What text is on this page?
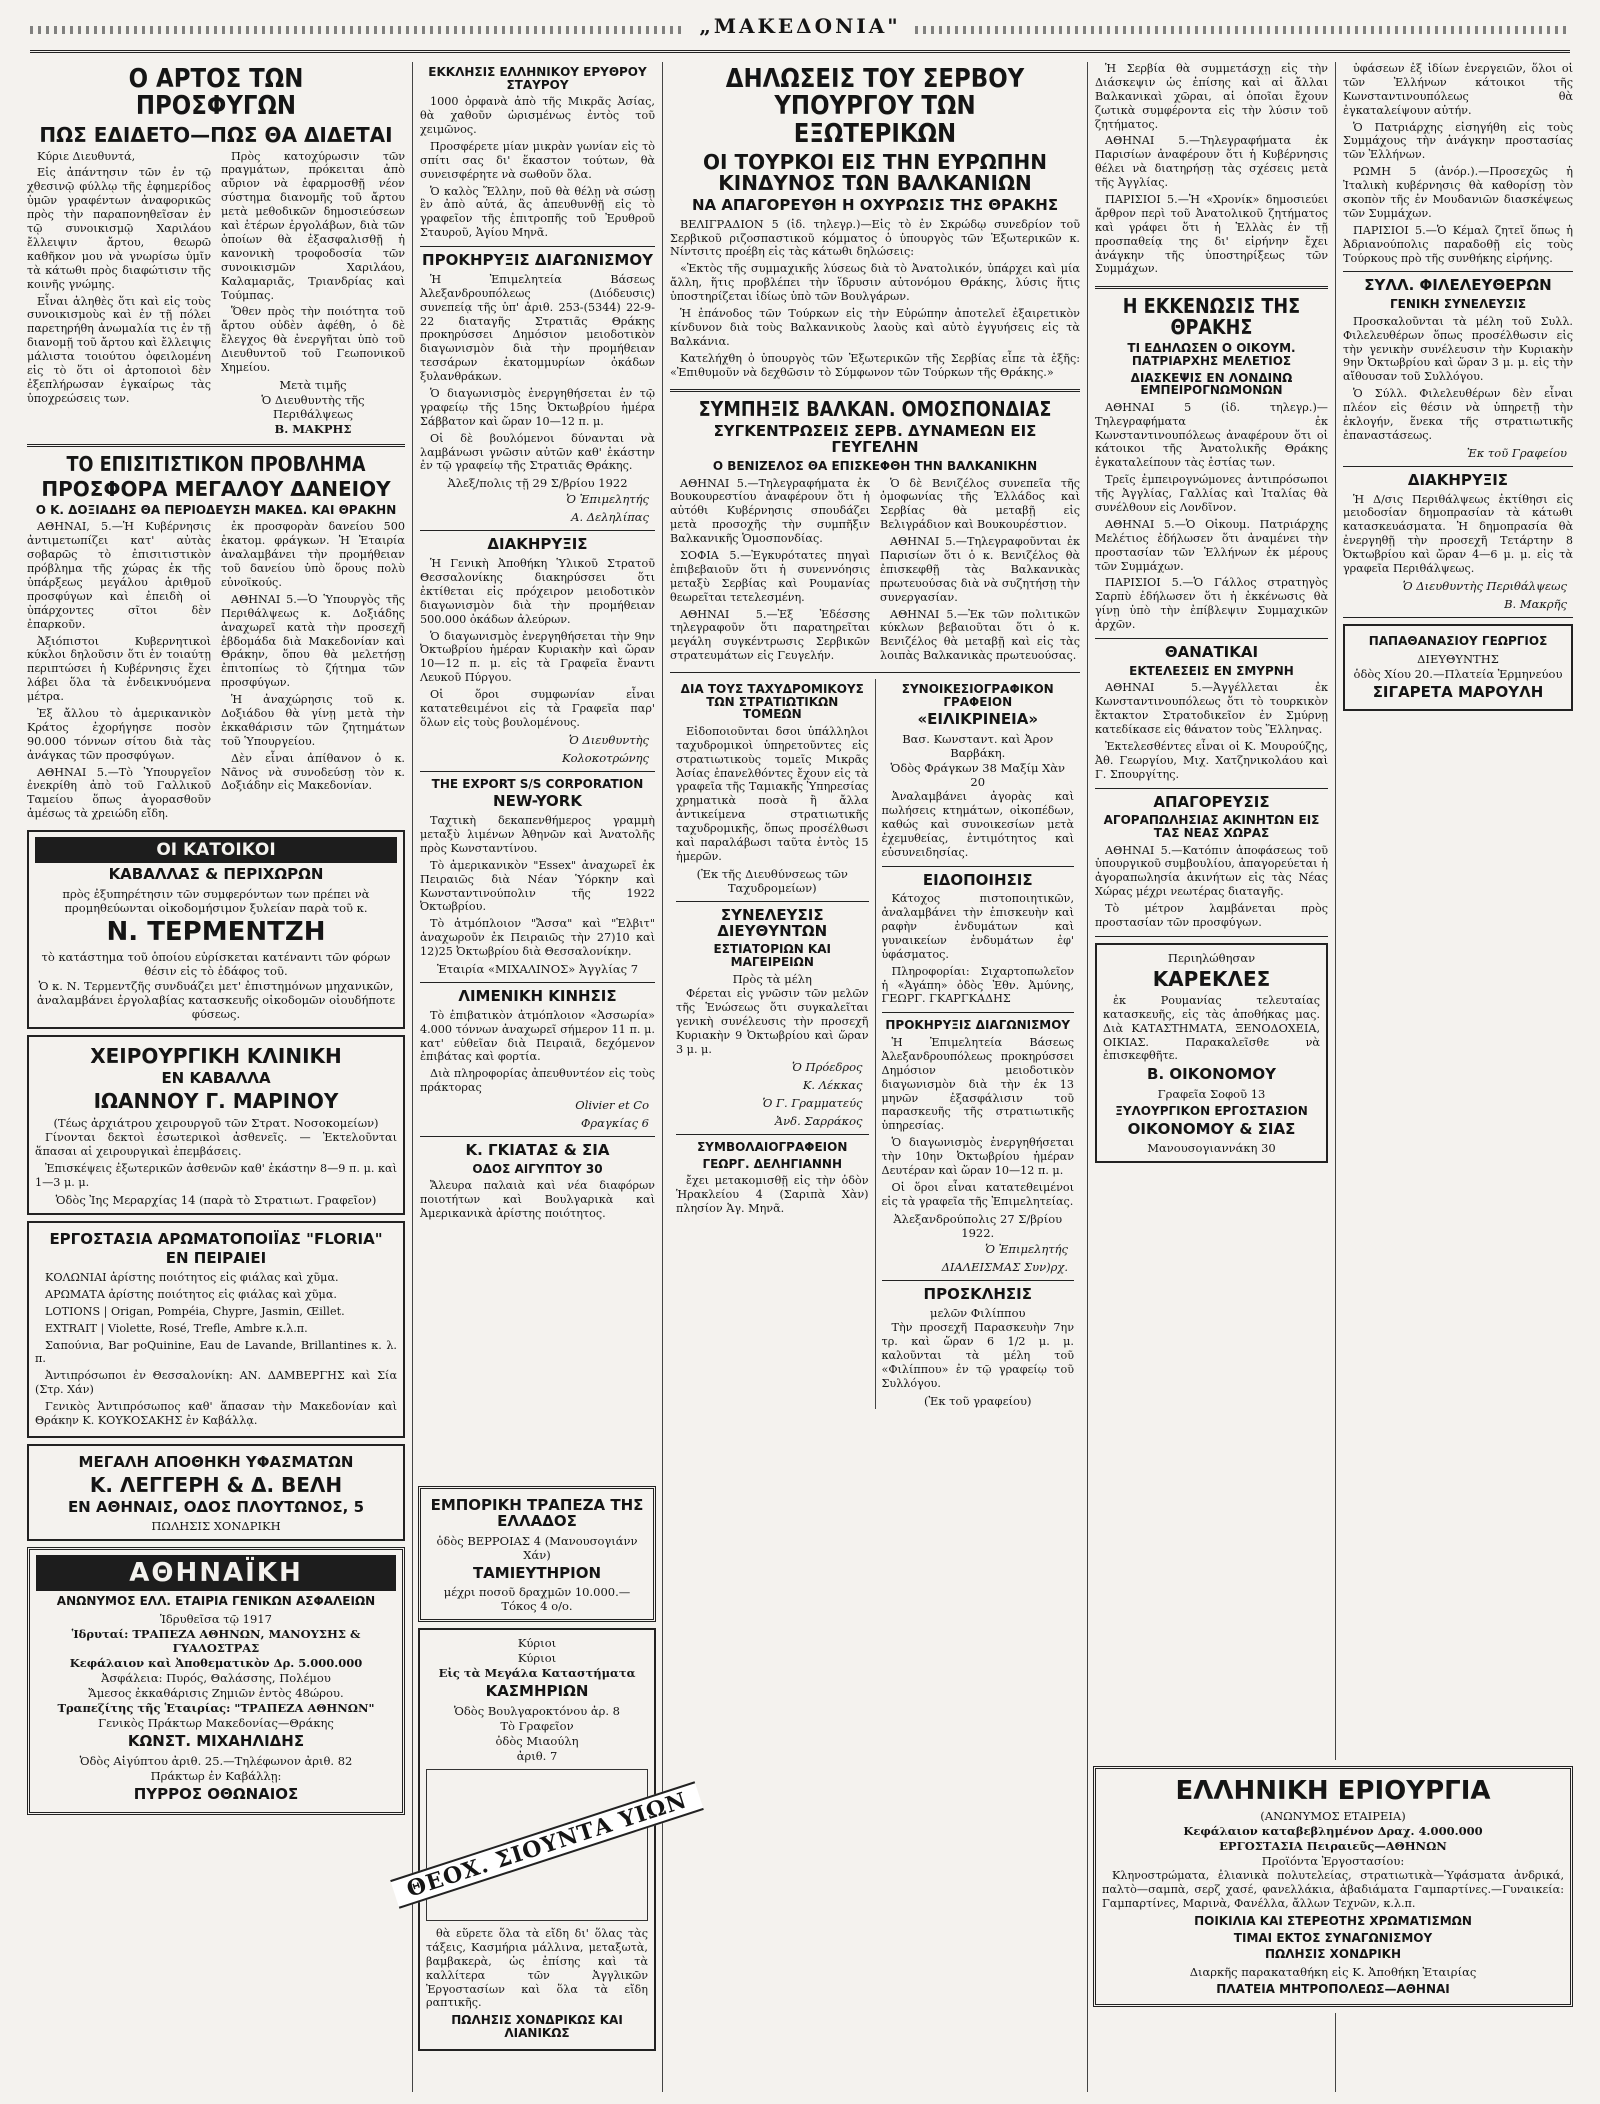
„ΜΑΚΕΔΟΝΙΑ"
Ο ΑΡΤΟΣ ΤΩΝ ΠΡΟΣΦΥΓΩΝ
ΠΩΣ ΕΔΙΔΕΤΟ—ΠΩΣ ΘΑ ΔΙΔΕΤΑΙ

Κύριε Διευθυντά,

Εἰς ἀπάντησιν τῶν ἐν τῷ χθεσινῷ φύλλῳ τῆς ἐφημερίδος ὑμῶν γραφέντων ἀναφορικῶς πρὸς τὴν παραπονηθεῖσαν ἐν τῷ συνοικισμῷ Χαριλάου ἔλλειψιν ἄρτου, θεωρῶ καθῆκον μου νὰ γνωρίσω ὑμῖν τὰ κάτωθι πρὸς διαφώτισιν τῆς κοινῆς γνώμης.

Εἶναι ἀληθὲς ὅτι καὶ εἰς τοὺς συνοικισμοὺς καὶ ἐν τῇ πόλει παρετηρήθη ἀνωμαλία τις ἐν τῇ διανομῇ τοῦ ἄρτου καὶ ἔλλειψις μάλιστα τοιούτου ὀφειλομένη εἰς τὸ ὅτι οἱ ἀρτοποιοὶ δὲν ἐξεπλήρωσαν ἐγκαίρως τὰς ὑποχρεώσεις των.

Πρὸς κατοχύρωσιν τῶν πραγμάτων, πρόκειται ἀπὸ αὔριον νὰ ἐφαρμοσθῇ νέον σύστημα διανομῆς τοῦ ἄρτου μετὰ μεθοδικῶν δημοσιεύσεων καὶ ἑτέρων ἐργολάβων, διὰ τῶν ὁποίων θὰ ἐξασφαλισθῇ ἡ κανονικὴ τροφοδοσία τῶν συνοικισμῶν Χαριλάου, Καλαμαριᾶς, Τριανδρίας καὶ Τούμπας.

Ὅθεν πρὸς τὴν ποιότητα τοῦ ἄρτου οὐδὲν ἀφέθη, ὁ δὲ ἔλεγχος θὰ ἐνεργῆται ὑπὸ τοῦ Διευθυντοῦ τοῦ Γεωπονικοῦ Χημείου.

Μετὰ τιμῆς

Ὁ Διευθυντὴς τῆς Περιθάλψεως

Β. ΜΑΚΡΗΣ

ΤΟ ΕΠΙΣΙΤΙΣΤΙΚΟΝ ΠΡΟΒΛΗΜΑ
ΠΡΟΣΦΟΡΑ ΜΕΓΑΛΟΥ ΔΑΝΕΙΟΥ
Ο Κ. ΔΟΞΙΑΔΗΣ ΘΑ ΠΕΡΙΟΔΕΥΣΗ ΜΑΚΕΔ. ΚΑΙ ΘΡΑΚΗΝ

ΑΘΗΝΑΙ, 5.—Ἡ Κυβέρνησις ἀντιμετωπίζει κατ' αὐτὰς σοβαρῶς τὸ ἐπισιτιστικὸν πρόβλημα τῆς χώρας ἐκ τῆς ὑπάρξεως μεγάλου ἀριθμοῦ προσφύγων καὶ ἐπειδὴ οἱ ὑπάρχοντες σῖτοι δὲν ἐπαρκοῦν.

Ἀξιόπιστοι Κυβερνητικοὶ κύκλοι δηλοῦσιν ὅτι ἐν τοιαύτῃ περιπτώσει ἡ Κυβέρνησις ἔχει λάβει ὅλα τὰ ἐνδεικνυόμενα μέτρα.

Ἐξ ἄλλου τὸ ἀμερικανικὸν Κράτος ἐχορήγησε ποσὸν 90.000 τόννων σίτου διὰ τὰς ἀνάγκας τῶν προσφύγων.

ΑΘΗΝΑΙ 5.—Τὸ Ὑπουργεῖον ἐνεκρίθη ἀπὸ τοῦ Γαλλικοῦ Ταμείου ὅπως ἀγορασθοῦν ἀμέσως τὰ χρειώδη εἴδη.

ἐκ προσφορὰν δανείου 500 ἑκατομ. φράγκων. Ἡ Ἑταιρία ἀναλαμβάνει τὴν προμήθειαν τοῦ δανείου ὑπὸ ὅρους πολὺ εὐνοϊκούς.

ΑΘΗΝΑΙ 5.—Ὁ Ὑπουργὸς τῆς Περιθάλψεως κ. Δοξιάδης ἀναχωρεῖ κατὰ τὴν προσεχῆ ἑβδομάδα διὰ Μακεδονίαν καὶ Θράκην, ὅπου θὰ μελετήσῃ ἐπιτοπίως τὸ ζήτημα τῶν προσφύγων.

Ἡ ἀναχώρησις τοῦ κ. Δοξιάδου θὰ γίνῃ μετὰ τὴν ἐκκαθάρισιν τῶν ζητημάτων τοῦ Ὑπουργείου.

Δὲν εἶναι ἀπίθανον ὁ κ. Νᾶνος νὰ συνοδεύσῃ τὸν κ. Δοξιάδην εἰς Μακεδονίαν.

ΟΙ ΚΑΤΟΙΚΟΙ
ΚΑΒΑΛΛΑΣ & ΠΕΡΙΧΩΡΩΝ

πρὸς ἐξυπηρέτησιν τῶν συμφερόντων των πρέπει νὰ προμηθεύωνται οἰκοδομήσιμον ξυλείαν παρὰ τοῦ κ.

Ν. ΤΕΡΜΕΝΤΖΗ

τὸ κατάστημα τοῦ ὁποίου εὑρίσκεται κατέναντι τῶν φόρων θέσιν εἰς τὸ ἐδάφος τοῦ.

Ὁ κ. Ν. Τερμεντζῆς συνδυάζει μετ' ἐπιστημόνων μηχανικῶν, ἀναλαμβάνει ἐργολαβίας κατασκευῆς οἰκοδομῶν οἱουδήποτε φύσεως.

ΧΕΙΡΟΥΡΓΙΚΗ ΚΛΙΝΙΚΗ
ΕΝ ΚΑΒΑΛΛΑ
ΙΩΑΝΝΟΥ Γ. ΜΑΡΙΝΟΥ

(Τέως ἀρχιάτρου χειρουργοῦ τῶν Στρατ. Νοσοκομείων)

Γίνονται δεκτοὶ ἐσωτερικοὶ ἀσθενεῖς. — Ἐκτελοῦνται ἅπασαι αἱ χειρουργικαὶ ἐπεμβάσεις.

Ἐπισκέψεις ἐξωτερικῶν ἀσθενῶν καθ' ἑκάστην 8—9 π. μ. καὶ 1—3 μ. μ.

Ὁδὸς Ἰης Μεραρχίας 14 (παρὰ τὸ Στρατιωτ. Γραφεῖον)

ΕΡΓΟΣΤΑΣΙΑ ΑΡΩΜΑΤΟΠΟΙΪΑΣ "FLORIA"
ΕΝ ΠΕΙΡΑΙΕΙ

ΚΟΛΩΝΙΑΙ ἀρίστης ποιότητος εἰς φιάλας καὶ χῦμα.

ΑΡΩΜΑΤΑ ἀρίστης ποιότητος εἰς φιάλας καὶ χῦμα.

LOTIONS | Origan, Pompéia, Chypre, Jasmin, Œillet.

EXTRAIT | Violette, Rosé, Trefle, Ambre κ.λ.π.

Σαπούνια, Bar poQuinine, Eau de Lavande, Brillantines κ. λ. π.

Ἀντιπρόσωποι ἐν Θεσσαλονίκη: ΑΝ. ΔΑΜΒΕΡΓΗΣ καὶ Σία (Στρ. Χάν)

Γενικὸς Ἀντιπρόσωπος καθ' ἅπασαν τὴν Μακεδονίαν καὶ Θράκην Κ. ΚΟΥΚΟΣΑΚΗΣ ἐν Καβάλλᾳ.

ΜΕΓΑΛΗ ΑΠΟΘΗΚΗ ΥΦΑΣΜΑΤΩΝ
Κ. ΛΕΓΓΕΡΗ & Δ. ΒΕΛΗ
ΕΝ ΑΘΗΝΑΙΣ, ΟΔΟΣ ΠΛΟΥΤΩΝΟΣ, 5

ΠΩΛΗΣΙΣ ΧΟΝΔΡΙΚΗ

ΑΘΗΝΑΪΚΗ
ΑΝΩΝΥΜΟΣ ΕΛΛ. ΕΤΑΙΡΙΑ ΓΕΝΙΚΩΝ ΑΣΦΑΛΕΙΩΝ

Ἱδρυθεῖσα τῷ 1917

Ἱδρυταί: ΤΡΑΠΕΖΑ ΑΘΗΝΩΝ, ΜΑΝΟΥΣΗΣ & ΓΥΑΛΟΣΤΡΑΣ

Κεφάλαιον καὶ Ἀποθεματικὸν Δρ. 5.000.000

Ἀσφάλεια: Πυρός, Θαλάσσης, Πολέμου

Ἄμεσος ἐκκαθάρισις Ζημιῶν ἐντὸς 48ώρου.

Τραπεζίτης τῆς Ἑταιρίας: "ΤΡΑΠΕΖΑ ΑΘΗΝΩΝ"

Γενικὸς Πράκτωρ Μακεδονίας—Θράκης

ΚΩΝΣΤ. ΜΙΧΑΗΛΙΔΗΣ

Ὁδὸς Αἰγύπτου ἀριθ. 25.—Τηλέφωνον ἀριθ. 82

Πράκτωρ ἐν Καβάλλῃ:

ΠΥΡΡΟΣ ΟΘΩΝΑΙΟΣ
ΕΚΚΛΗΣΙΣ ΕΛΛΗΝΙΚΟΥ ΕΡΥΘΡΟΥ ΣΤΑΥΡΟΥ

1000 ὀρφανὰ ἀπὸ τῆς Μικρᾶς Ἀσίας, θὰ χαθοῦν ὠρισμένως ἐντὸς τοῦ χειμῶνος.

Προσφέρετε μίαν μικρὰν γωνίαν εἰς τὸ σπίτι σας δι' ἕκαστον τούτων, θὰ συνεισφέρητε νὰ σωθοῦν ὅλα.

Ὁ καλὸς Ἕλλην, ποῦ θὰ θέλῃ νὰ σώσῃ ἓν ἀπὸ αὐτά, ἂς ἀπευθυνθῇ εἰς τὸ γραφεῖον τῆς ἐπιτροπῆς τοῦ Ἐρυθροῦ Σταυροῦ, Ἁγίου Μηνᾶ.

ΠΡΟΚΗΡΥΞΙΣ ΔΙΑΓΩΝΙΣΜΟΥ

Ἡ Ἐπιμελητεία Βάσεως Ἀλεξανδρουπόλεως (Διόδευσις) συνεπείᾳ τῆς ὑπ' ἀριθ. 253-(5344) 22-9-22 διαταγῆς Στρατιᾶς Θράκης προκηρύσσει Δημόσιον μειοδοτικὸν διαγωνισμὸν διὰ τὴν προμήθειαν τεσσάρων ἑκατομμυρίων ὀκάδων ξυλανθράκων.

Ὁ διαγωνισμὸς ἐνεργηθήσεται ἐν τῷ γραφείῳ τῆς 15ης Ὀκτωβρίου ἡμέρα Σάββατον καὶ ὥραν 10—12 π. μ.

Οἱ δὲ βουλόμενοι δύνανται νὰ λαμβάνωσι γνῶσιν αὐτῶν καθ' ἑκάστην ἐν τῷ γραφείῳ τῆς Στρατιᾶς Θράκης.

Ἀλεξ/πολις τῇ 29 Σ/βρίου 1922

Ὁ Ἐπιμελητής

Α. Δεληλίπας

ΔΙΑΚΗΡΥΞΙΣ

Ἡ Γενικὴ Ἀποθήκη Ὑλικοῦ Στρατοῦ Θεσσαλονίκης διακηρύσσει ὅτι ἐκτίθεται εἰς πρόχειρον μειοδοτικὸν διαγωνισμὸν διὰ τὴν προμήθειαν 500.000 ὀκάδων ἀλεύρων.

Ὁ διαγωνισμὸς ἐνεργηθήσεται τὴν 9ην Ὀκτωβρίου ἡμέραν Κυριακὴν καὶ ὥραν 10—12 π. μ. εἰς τὰ Γραφεῖα ἔναντι Λευκοῦ Πύργου.

Οἱ ὅροι συμφωνίαν εἶναι κατατεθειμένοι εἰς τὰ Γραφεῖα παρ' ὅλων εἰς τοὺς βουλομένους.

Ὁ Διευθυντὴς

Κολοκοτρώνης

THE EXPORT S/S CORPORATION
NEW-YORK

Ταχτικὴ δεκαπενθήμερος γραμμὴ μεταξὺ λιμένων Ἀθηνῶν καὶ Ἀνατολῆς πρὸς Κωνσταντίνου.

Τὸ ἀμερικανικὸν "Essex" ἀναχωρεῖ ἐκ Πειραιῶς διὰ Νέαν Ὑόρκην καὶ Κωνσταντινούπολιν τῆς 1922 Ὀκτωβρίου.

Τὸ ἀτμόπλοιον "Ἄσσα" καὶ "Ἑλβιτ" ἀναχωροῦν ἐκ Πειραιῶς τὴν 27)10 καὶ 12)25 Ὀκτωβρίου διὰ Θεσσαλονίκην.

Ἑταιρία «ΜΙΧΑΛΙΝΟΣ» Ἀγγλίας 7

ΛΙΜΕΝΙΚΗ ΚΙΝΗΣΙΣ

Τὸ ἐπιβατικὸν ἀτμόπλοιον «Ἀσσωρία» 4.000 τόννων ἀναχωρεῖ σήμερον 11 π. μ. κατ' εὐθεῖαν διὰ Πειραιᾶ, δεχόμενον ἐπιβάτας καὶ φορτία.

Διὰ πληροφορίας ἀπευθυντέον εἰς τοὺς πράκτορας

Olivier et Co

Φραγκίας 6

Κ. ΓΚΙΑΤΑΣ & ΣΙΑ
ΟΔΟΣ ΑΙΓΥΠΤΟΥ 30

Ἄλευρα παλαιὰ καὶ νέα διαφόρων ποιοτήτων καὶ Βουλγαρικὰ καὶ Ἀμερικανικὰ ἀρίστης ποιότητος.

ΔΗΛΩΣΕΙΣ ΤΟΥ ΣΕΡΒΟΥ ΥΠΟΥΡΓΟΥ ΤΩΝ ΕΞΩΤΕΡΙΚΩΝ
ΟΙ ΤΟΥΡΚΟΙ ΕΙΣ ΤΗΝ ΕΥΡΩΠΗΝ ΚΙΝΔΥΝΟΣ ΤΩΝ ΒΑΛΚΑΝΙΩΝ
ΝΑ ΑΠΑΓΟΡΕΥΘΗ Η ΟΧΥΡΩΣΙΣ ΤΗΣ ΘΡΑΚΗΣ

ΒΕΛΙΓΡΑΔΙΟΝ 5 (ἰδ. τηλεγρ.)—Εἰς τὸ ἐν Σκρώδῳ συνεδρίον τοῦ Σερβικοῦ ριζοσπαστικοῦ κόμματος ὁ ὑπουργὸς τῶν Ἐξωτερικῶν κ. Νίντσιτς προέβη εἰς τὰς κάτωθι δηλώσεις:

«Ἐκτὸς τῆς συμμαχικῆς λύσεως διὰ τὸ Ἀνατολικόν, ὑπάρχει καὶ μία ἄλλη, ἥτις προβλέπει τὴν ἵδρυσιν αὐτονόμου Θράκης, λύσις ἥτις ὑποστηρίζεται ἰδίως ὑπὸ τῶν Βουλγάρων.

Ἡ ἐπάνοδος τῶν Τούρκων εἰς τὴν Εὐρώπην ἀποτελεῖ ἐξαιρετικὸν κίνδυνον διὰ τοὺς Βαλκανικοὺς λαοὺς καὶ αὐτὸ ἐγγυήσεις εἰς τὰ Βαλκάνια.

Κατελήχθη ὁ ὑπουργὸς τῶν Ἐξωτερικῶν τῆς Σερβίας εἶπε τὰ ἑξῆς: «Ἐπιθυμοῦν νὰ δεχθῶσιν τὸ Σύμφωνον τῶν Τούρκων τῆς Θράκης.»

ΣΥΜΠΗΞΙΣ ΒΑΛΚΑΝ. ΟΜΟΣΠΟΝΔΙΑΣ
ΣΥΓΚΕΝΤΡΩΣΕΙΣ ΣΕΡΒ. ΔΥΝΑΜΕΩΝ ΕΙΣ ΓΕΥΓΕΛΗΝ
Ο ΒΕΝΙΖΕΛΟΣ ΘΑ ΕΠΙΣΚΕΦΘΗ ΤΗΝ ΒΑΛΚΑΝΙΚΗΝ

ΑΘΗΝΑΙ 5.—Τηλεγραφήματα ἐκ Βουκουρεστίου ἀναφέρουν ὅτι ἡ αὐτόθι Κυβέρνησις σπουδάζει μετὰ προσοχῆς τὴν συμπῆξιν Βαλκανικῆς Ὁμοσπονδίας.

ΣΟΦΙΑ 5.—Ἐγκυρότατες πηγαὶ ἐπιβεβαιοῦν ὅτι ἡ συνεννόησις μεταξὺ Σερβίας καὶ Ρουμανίας θεωρεῖται τετελεσμένη.

ΑΘΗΝΑΙ 5.—Ἐξ Ἐδέσσης τηλεγραφοῦν ὅτι παρατηρεῖται μεγάλη συγκέντρωσις Σερβικῶν στρατευμάτων εἰς Γευγελήν.

Ὁ δὲ Βενιζέλος συνεπεῖα τῆς ὁμοφωνίας τῆς Ἑλλάδος καὶ Σερβίας θὰ μεταβῇ εἰς Βελιγράδιον καὶ Βουκουρέστιον.

ΑΘΗΝΑΙ 5.—Τηλεγραφοῦνται ἐκ Παρισίων ὅτι ὁ κ. Βενιζέλος θὰ ἐπισκεφθῇ τὰς Βαλκανικὰς πρωτευούσας διὰ νὰ συζητήσῃ τὴν συνεργασίαν.

ΑΘΗΝΑΙ 5.—Ἐκ τῶν πολιτικῶν κύκλων βεβαιοῦται ὅτι ὁ κ. Βενιζέλος θὰ μεταβῇ καὶ εἰς τὰς λοιπὰς Βαλκανικὰς πρωτευούσας.

ΔΙΑ ΤΟΥΣ ΤΑΧΥΔΡΟΜΙΚΟΥΣ ΤΩΝ ΣΤΡΑΤΙΩΤΙΚΩΝ ΤΟΜΕΩΝ

Εἰδοποιοῦνται δσοι ὑπάλληλοι ταχυδρομικοὶ ὑπηρετοῦντες εἰς στρατιωτικοὺς τομεῖς Μικρᾶς Ἀσίας ἐπανελθόντες ἔχουν εἰς τὰ γραφεῖα τῆς Ταμιακῆς Ὑπηρεσίας χρηματικὰ ποσὰ ἢ ἄλλα ἀντικείμενα στρατιωτικῆς ταχυδρομικῆς, ὅπως προσέλθωσι καὶ παραλάβωσι ταῦτα ἐντὸς 15 ἡμερῶν.

(Ἐκ τῆς Διευθύνσεως τῶν Ταχυδρομείων)

ΣΥΝΕΛΕΥΣΙΣ ΔΙΕΥΘΥΝΤΩΝ
ΕΣΤΙΑΤΟΡΙΩΝ ΚΑΙ ΜΑΓΕΙΡΕΙΩΝ

Πρὸς τὰ μέλη

Φέρεται εἰς γνῶσιν τῶν μελῶν τῆς Ἑνώσεως ὅτι συγκαλεῖται γενικὴ συνέλευσις τὴν προσεχῆ Κυριακὴν 9 Ὀκτωβρίου καὶ ὥραν 3 μ. μ.

Ὁ Πρόεδρος

Κ. Λέκκας

Ὁ Γ. Γραμματεύς

Ἀνδ. Σαρράκος

ΣΥΜΒΟΛΑΙΟΓΡΑΦΕΙΟΝ
ΓΕΩΡΓ. ΔΕΛΗΓΙΑΝΝΗ

ἔχει μετακομισθῇ εἰς τὴν ὁδὸν Ἡρακλείου 4 (Σαριπὰ Χὰν) πλησίον Ἁγ. Μηνᾶ.

ΣΥΝΟΙΚΕΣΙΟΓΡΑΦΙΚΟΝ ΓΡΑΦΕΙΟΝ
«ΕΙΛΙΚΡΙΝΕΙΑ»

Βασ. Κωνσταντ. καὶ Ἀρον Βαρβάκη.

Ὁδὸς Φράγκων 38 Μαξίμ Χὰν 20

Ἀναλαμβάνει ἀγορὰς καὶ πωλήσεις κτημάτων, οἰκοπέδων, καθώς καὶ συνοικεσίων μετὰ ἐχεμυθείας, ἐντιμότητος καὶ εὐσυνειδησίας.

ΕΙΔΟΠΟΙΗΣΙΣ

Κάτοχος πιστοποιητικῶν, ἀναλαμβάνει τὴν ἐπισκευὴν καὶ ραφὴν ἐνδυμάτων καὶ γυναικείων ἐνδυμάτων ἐφ' ὑφάσματος.

Πληροφορίαι: Σιχαρτοπωλεῖον ἡ «Ἀγάπη» ὁδὸς Ἐθν. Ἀμύνης, ΓΕΩΡΓ. ΓΚΑΡΓΚΑΔΗΣ

ΠΡΟΚΗΡΥΞΙΣ ΔΙΑΓΩΝΙΣΜΟΥ

Ἡ Ἐπιμελητεία Βάσεως Ἀλεξανδρουπόλεως προκηρύσσει Δημόσιον μειοδοτικὸν διαγωνισμὸν διὰ τὴν ἐκ 13 μηνῶν ἐξασφάλισιν τοῦ παρασκευῆς τῆς στρατιωτικῆς ὑπηρεσίας.

Ὁ διαγωνισμὸς ἐνεργηθήσεται τὴν 10ην Ὀκτωβρίου ἡμέραν Δευτέραν καὶ ὥραν 10—12 π. μ.

Οἱ ὅροι εἶναι κατατεθειμένοι εἰς τὰ γραφεῖα τῆς Ἐπιμελητείας.

Ἀλεξανδρούπολις 27 Σ/βρίου 1922.

Ὁ Ἐπιμελητής

ΔΙΑΛΕΙΣΜΑΣ Συν)ρχ.

ΠΡΟΣΚΛΗΣΙΣ

μελῶν Φιλίππου

Τὴν προσεχῆ Παρασκευὴν 7ην τρ. καὶ ὥραν 6 1/2 μ. μ. καλοῦνται τὰ μέλη τοῦ «Φιλίππου» ἐν τῷ γραφείῳ τοῦ Συλλόγου.

(Ἐκ τοῦ γραφείου)

Ἡ Σερβία θὰ συμμετάσχῃ εἰς τὴν Διάσκεψιν ὡς ἐπίσης καὶ αἱ ἄλλαι Βαλκανικαὶ χῶραι, αἱ ὁποῖαι ἔχουν ζωτικὰ συμφέροντα εἰς τὴν λύσιν τοῦ ζητήματος.

ΑΘΗΝΑΙ 5.—Τηλεγραφήματα ἐκ Παρισίων ἀναφέρουν ὅτι ἡ Κυβέρνησις θέλει νὰ διατηρήσῃ τὰς σχέσεις μετὰ τῆς Ἀγγλίας.

ΠΑΡΙΣΙΟΙ 5.—Ἡ «Χρονίκ» δημοσιεύει ἄρθρον περὶ τοῦ Ἀνατολικοῦ ζητήματος καὶ γράφει ὅτι ἡ Ἑλλὰς ἐν τῇ προσπαθείᾳ της δι' εἰρήνην ἔχει ἀνάγκην τῆς ὑποστηρίξεως τῶν Συμμάχων.

Η ΕΚΚΕΝΩΣΙΣ ΤΗΣ ΘΡΑΚΗΣ
ΤΙ ΕΔΗΛΩΣΕΝ Ο ΟΙΚΟΥΜ. ΠΑΤΡΙΑΡΧΗΣ ΜΕΛΕΤΙΟΣ
ΔΙΑΣΚΕΨΙΣ ΕΝ ΛΟΝΔΙΝΩ ΕΜΠΕΙΡΟΓΝΩΜΟΝΩΝ

ΑΘΗΝΑΙ 5 (ἰδ. τηλεγρ.)—Τηλεγραφήματα ἐκ Κωνσταντινουπόλεως ἀναφέρουν ὅτι οἱ κάτοικοι τῆς Ἀνατολικῆς Θράκης ἐγκαταλείπουν τὰς ἑστίας των.

Τρεῖς ἐμπειρογνώμονες ἀντιπρόσωποι τῆς Ἀγγλίας, Γαλλίας καὶ Ἰταλίας θὰ συνέλθουν εἰς Λονδῖνον.

ΑΘΗΝΑΙ 5.—Ὁ Οἰκουμ. Πατριάρχης Μελέτιος ἐδήλωσεν ὅτι ἀναμένει τὴν προστασίαν τῶν Ἑλλήνων ἐκ μέρους τῶν Συμμάχων.

ΠΑΡΙΣΙΟΙ 5.—Ὁ Γάλλος στρατηγὸς Σαρπὺ ἐδήλωσεν ὅτι ἡ ἐκκένωσις θὰ γίνῃ ὑπὸ τὴν ἐπίβλεψιν Συμμαχικῶν ἀρχῶν.

ΘΑΝΑΤΙΚΑΙ
ΕΚΤΕΛΕΣΕΙΣ ΕΝ ΣΜΥΡΝΗ

ΑΘΗΝΑΙ 5.—Ἀγγέλλεται ἐκ Κωνσταντινουπόλεως ὅτι τὸ τουρκικὸν ἔκτακτον Στρατοδικεῖον ἐν Σμύρνῃ κατεδίκασε εἰς θάνατον τοὺς Ἕλληνας.

Ἐκτελεσθέντες εἶναι οἱ Κ. Μουρούζης, Ἀθ. Γεωργίου, Μιχ. Χατζηνικολάου καὶ Γ. Σπουργίτης.

ΑΠΑΓΟΡΕΥΣΙΣ
ΑΓΟΡΑΠΩΛΗΣΙΑΣ ΑΚΙΝΗΤΩΝ ΕΙΣ ΤΑΣ ΝΕΑΣ ΧΩΡΑΣ

ΑΘΗΝΑΙ 5.—Κατόπιν ἀποφάσεως τοῦ ὑπουργικοῦ συμβουλίου, ἀπαγορεύεται ἡ ἀγοραπωλησία ἀκινήτων εἰς τὰς Νέας Χώρας μέχρι νεωτέρας διαταγῆς.

Τὸ μέτρον λαμβάνεται πρὸς προστασίαν τῶν προσφύγων.

Περιηλώθησαν

ΚΑΡΕΚΛΕΣ

ἐκ Ρουμανίας τελευταίας κατασκευῆς, εἰς τὰς ἀποθήκας μας. Διὰ ΚΑΤΑΣΤΗΜΑΤΑ, ΞΕΝΟΔΟΧΕΙΑ, ΟΙΚΙΑΣ. Παρακαλεῖσθε νὰ ἐπισκεφθῆτε.

Β. ΟΙΚΟΝΟΜΟΥ

Γραφεῖα Σοφοῦ 13

ΞΥΛΟΥΡΓΙΚΟΝ ΕΡΓΟΣΤΑΣΙΟΝ
ΟΙΚΟΝΟΜΟΥ & ΣΙΑΣ

Μανουσογιαννάκη 30

ὑφάσεων ἐξ ἰδίων ἐνεργειῶν, ὅλοι οἱ τῶν Ἑλλήνων κάτοικοι τῆς Κωνσταντινουπόλεως θὰ ἐγκαταλείψουν αὐτήν.

Ὁ Πατριάρχης εἰσηγήθη εἰς τοὺς Συμμάχους τὴν ἀνάγκην προστασίας τῶν Ἑλλήνων.

ΡΩΜΗ 5 (ἀνόρ.).—Προσεχῶς ἡ Ἰταλικὴ κυβέρνησις θὰ καθορίσῃ τὸν σκοπὸν τῆς ἐν Μουδανιῶν διασκέψεως τῶν Συμμάχων.

ΠΑΡΙΣΙΟΙ 5.—Ὁ Κέμαλ ζητεῖ ὅπως ἡ Ἀδριανούπολις παραδοθῇ εἰς τοὺς Τούρκους πρὸ τῆς συνθήκης εἰρήνης.

ΣΥΛΛ. ΦΙΛΕΛΕΥΘΕΡΩΝ
ΓΕΝΙΚΗ ΣΥΝΕΛΕΥΣΙΣ

Προσκαλοῦνται τὰ μέλη τοῦ Συλλ. Φιλελευθέρων ὅπως προσέλθωσιν εἰς τὴν γενικὴν συνέλευσιν τὴν Κυριακὴν 9ην Ὀκτωβρίου καὶ ὥραν 3 μ. μ. εἰς τὴν αἴθουσαν τοῦ Συλλόγου.

Ὁ Σύλλ. Φιλελευθέρων δὲν εἶναι πλέον εἰς θέσιν νὰ ὑπηρετῇ τὴν ἐκλογήν, ἕνεκα τῆς στρατιωτικῆς ἐπαναστάσεως.

Ἐκ τοῦ Γραφείου

ΔΙΑΚΗΡΥΞΙΣ

Ἡ Δ/σις Περιθάλψεως ἐκτίθησι εἰς μειοδοσίαν δημοπρασίαν τὰ κάτωθι κατασκευάσματα. Ἡ δημοπρασία θὰ ἐνεργηθῇ τὴν προσεχῆ Τετάρτην 8 Ὀκτωβρίου καὶ ὥραν 4—6 μ. μ. εἰς τὰ γραφεῖα Περιθάλψεως.

Ὁ Διευθυντὴς Περιθάλψεως

Β. Μακρῆς

ΠΑΠΑΘΑΝΑΣΙΟΥ ΓΕΩΡΓΙΟΣ

ΔΙΕΥΘΥΝΤΗΣ

ὁδὸς Χίου 20.—Πλατεία Ἑρμηνεύου

ΣΙΓΑΡΕΤΑ ΜΑΡΟΥΛΗ
ΕΜΠΟΡΙΚΗ ΤΡΑΠΕΖΑ ΤΗΣ ΕΛΛΑΔΟΣ

ὁδὸς ΒΕΡΡΟΙΑΣ 4 (Μανουσογιάνν Χάν)

ΤΑΜΙΕΥΤΗΡΙΟΝ

μέχρι ποσοῦ δραχμῶν 10.000.— Τόκος 4 ο/ο.

Κύριοι

Κύριοι

Εἰς τὰ Μεγάλα Καταστήματα

ΚΑΣΜΗΡΙΩΝ

Ὁδὸς Βουλγαροκτόνου ἀρ. 8

Τὸ Γραφεῖον

ὁδὸς Μιαούλη

ἀριθ. 7

ΘΕΟΧ. ΣΙΟΥΝΤΑ ΥΙΩΝ

θὰ εὕρετε ὅλα τὰ εἴδη δι' ὅλας τὰς τάξεις, Κασμήρια μάλλινα, μεταξωτὰ, βαμβακερὰ, ὡς ἐπίσης καὶ τὰ καλλίτερα τῶν Ἀγγλικῶν Ἐργοστασίων καὶ ὅλα τὰ εἴδη ραπτικῆς.

ΠΩΛΗΣΙΣ ΧΟΝΔΡΙΚΩΣ ΚΑΙ ΛΙΑΝΙΚΩΣ
ΕΛΛΗΝΙΚΗ ΕΡΙΟΥΡΓΙΑ

(ΑΝΩΝΥΜΟΣ ΕΤΑΙΡΕΙΑ)

Κεφάλαιον καταβεβλημένον Δραχ. 4.000.000

ΕΡΓΟΣΤΑΣΙΑ Πειραιεῦς—ΑΘΗΝΩΝ

Προϊόντα Ἐργοστασίου:

Κληνοστρώματα, ἐλιανικὰ πολυτελείας, στρατιωτικὰ—Ὑφάσματα ἀνδρικά, παλτὸ—σαμπὰ, σερζ χασέ, φανελλάκια, ἀβαδιάματα Γαμπαρτίνες.—Γυναικεία: Γαμπαρτίνες, Μαρινὰ, Φανέλλα, ἄλλων Τεχνῶν, κ.λ.π.

ΠΟΙΚΙΛΙΑ ΚΑΙ ΣΤΕΡΕΟΤΗΣ ΧΡΩΜΑΤΙΣΜΩΝ
ΤΙΜΑΙ ΕΚΤΟΣ ΣΥΝΑΓΩΝΙΣΜΟΥ
ΠΩΛΗΣΙΣ ΧΟΝΔΡΙΚΗ

Διαρκῆς παρακαταθήκη εἰς Κ. Ἀποθήκη Ἑταιρίας

ΠΛΑΤΕΙΑ ΜΗΤΡΟΠΟΛΕΩΣ—ΑΘΗΝΑΙ
